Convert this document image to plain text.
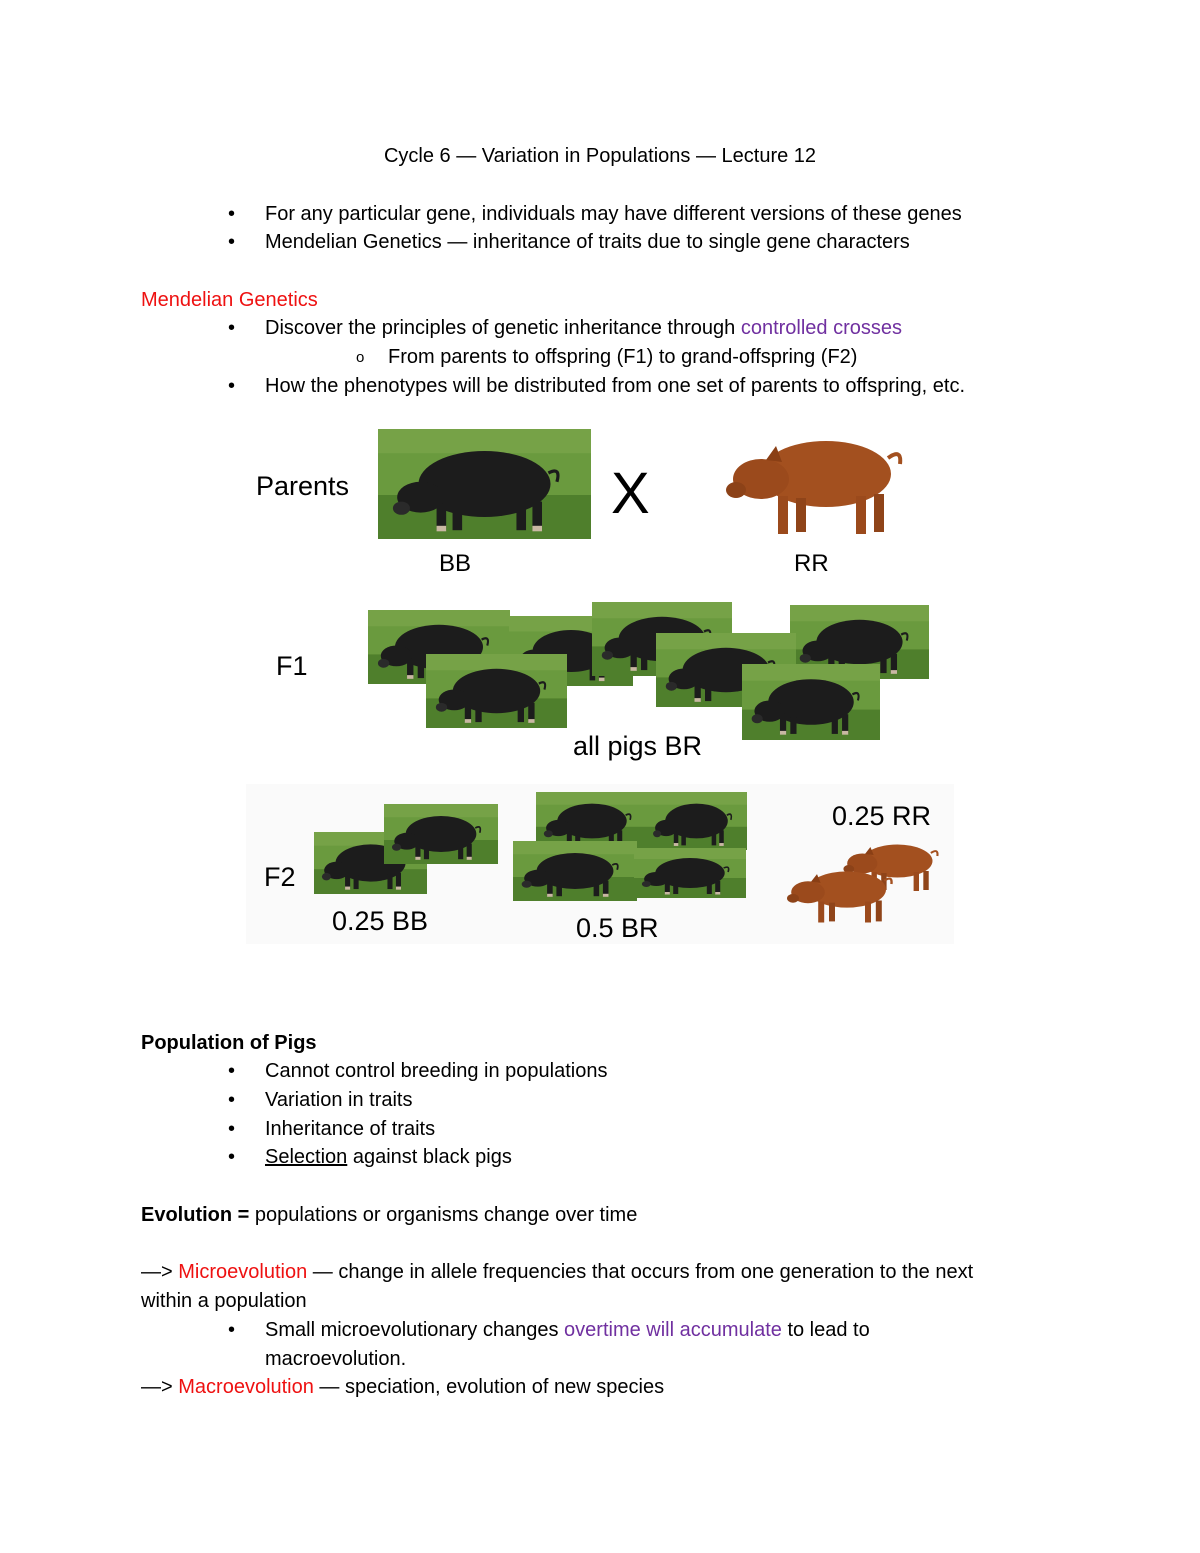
Cycle 6 — Variation in Populations — Lecture 12
• For any particular gene, individuals may have different versions of these genes
• Mendelian Genetics — inheritance of traits due to single gene characters
Mendelian Genetics
• Discover the principles of genetic inheritance through controlled crosses
o From parents to offspring (F1) to grand-offspring (F2)
• How the phenotypes will be distributed from one set of parents to offspring, etc.
Parents	X
BB	RR
F1
all pigs BR
F2
0.25 RR
0.25 BB	0.5 BR
Population of Pigs
• Cannot control breeding in populations
• Variation in traits
• Inheritance of traits
• Selection against black pigs
Evolution = populations or organisms change over time
—> Microevolution — change in allele frequencies that occurs from one generation to the next
within a population
• Small microevolutionary changes overtime will accumulate to lead to
macroevolution.
—> Macroevolution — speciation, evolution of new species
